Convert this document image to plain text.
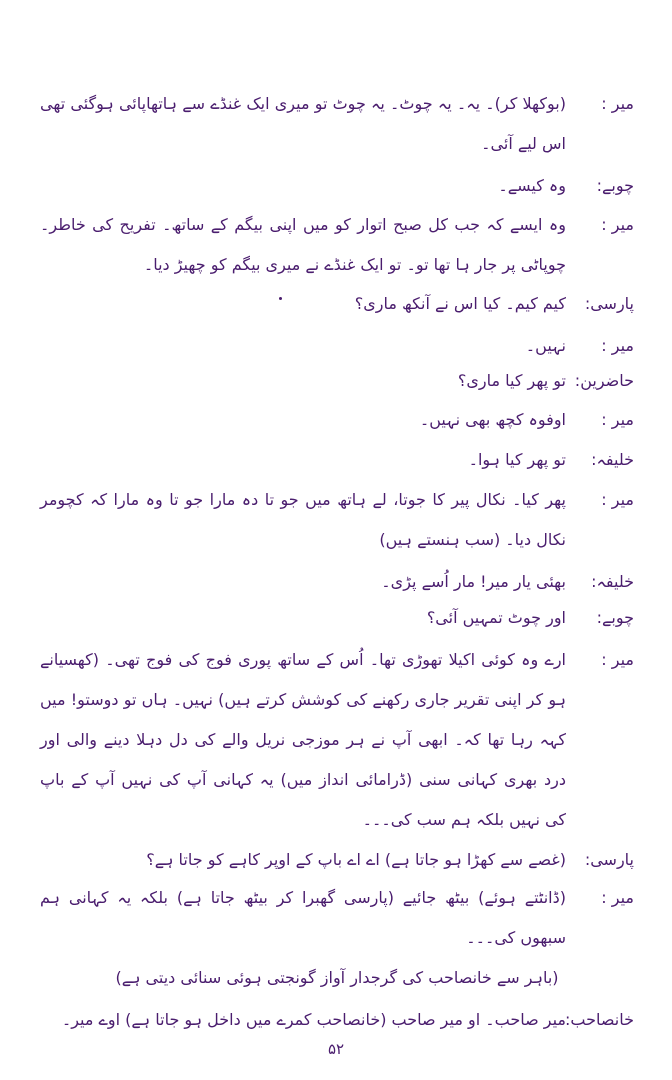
میر :
(بوکھلا کر)۔ یہ۔ یہ چوٹ۔ یہ چوٹ تو میری ایک غنڈے سے ہاتھاپائی ہوگئی تھی اس لیے آئی۔
چوبے:
وہ کیسے۔
میر :
وہ ایسے کہ جب کل صبح اتوار کو میں اپنی بیگم کے ساتھ۔ تفریح کی خاطر۔ چوپاٹی پر جار ہا تھا تو۔ تو ایک غنڈے نے میری بیگم کو چھیڑ دیا۔
پارسی:
کیم کیم۔ کیا اس نے آنکھ ماری؟
میر :
نہیں۔
حاضرین:
تو پھر کیا ماری؟
میر :
اوفوہ کچھ بھی نہیں۔
خلیفہ:
تو پھر کیا ہوا۔
میر :
پھر کیا۔ نکال پیر کا جوتا، لے ہاتھ میں جو تا دہ مارا جو تا وہ مارا کہ کچومر نکال دیا۔ (سب ہنستے ہیں)
خلیفہ:
بھئی یار میر! مار اُسے پڑی۔
چوبے:
اور چوٹ تمہیں آئی؟
میر :
ارے وہ کوئی اکیلا تھوڑی تھا۔ اُس کے ساتھ پوری فوج کی فوج تھی۔ (کھسیانے ہو کر اپنی تقریر جاری رکھنے کی کوشش کرتے ہیں) نہیں۔ ہاں تو دوستو! میں کہہ رہا تھا کہ۔ ابھی آپ نے ہر موزجی نریل والے کی دل دہلا دینے والی اور درد بھری کہانی سنی (ڈرامائی انداز میں) یہ کہانی آپ کی نہیں آپ کے باپ کی نہیں بلکہ ہم سب کی۔۔۔
پارسی:
(غصے سے کھڑا ہو جاتا ہے) اے اے باپ کے اوپر کاہے کو جاتا ہے؟
میر :
(ڈانٹتے ہوئے) بیٹھ جائیے (پارسی گھبرا کر بیٹھ جاتا ہے) بلکہ یہ کہانی ہم سبھوں کی۔۔۔
(باہر سے خانصاحب کی گرجدار آواز گونجتی ہوئی سنائی دیتی ہے)
خانصاحب:
میر صاحب۔ او میر صاحب (خانصاحب کمرے میں داخل ہو جاتا ہے) اوے میر۔
۵۲
